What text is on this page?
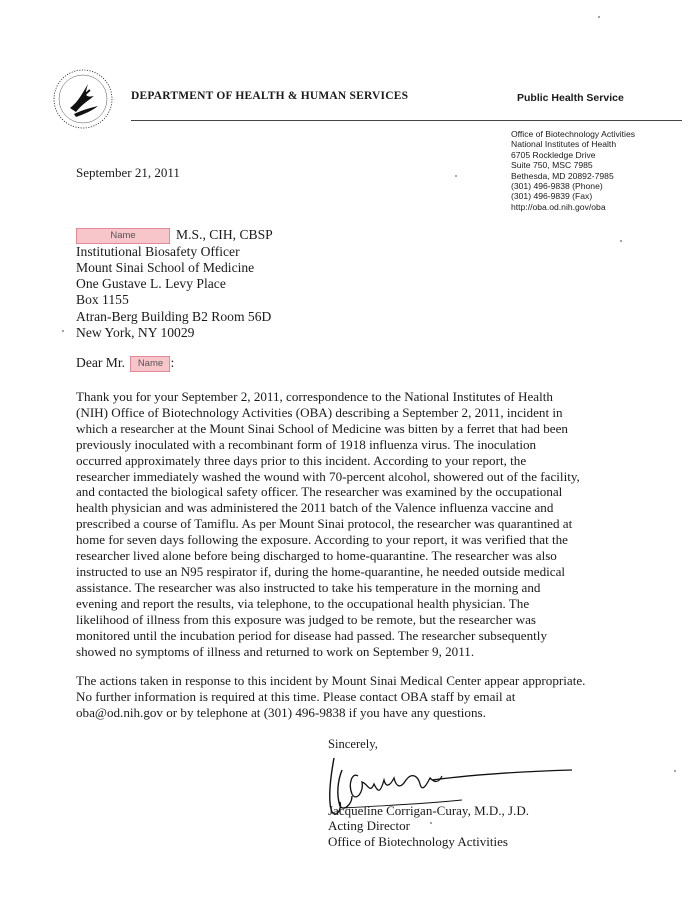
DEPARTMENT OF HEALTH & HUMAN SERVICES	Public Health Service
Office of Biotechnology Activities
National Institutes of Health
6705 Rockledge Drive
Suite 750, MSC 7985
Bethesda, MD 20892-7985
(301) 496-9838 (Phone)
(301) 496-9839 (Fax)
http://oba.od.nih.gov/oba
September 21, 2011
Name	M.S., CIH, CBSP
Institutional Biosafety Officer
Mount Sinai School of Medicine
One Gustave L. Levy Place
Box 1155
Atran-Berg Building B2 Room 56D
New York, NY 10029
Dear Mr. Name :
Thank you for your September 2, 2011, correspondence to the National Institutes of Health
(NIH) Office of Biotechnology Activities (OBA) describing a September 2, 2011, incident in
which a researcher at the Mount Sinai School of Medicine was bitten by a ferret that had been
previously inoculated with a recombinant form of 1918 influenza virus. The inoculation
occurred approximately three days prior to this incident. According to your report, the
researcher immediately washed the wound with 70-percent alcohol, showered out of the facility,
and contacted the biological safety officer. The researcher was examined by the occupational
health physician and was administered the 2011 batch of the Valence influenza vaccine and
prescribed a course of Tamiflu. As per Mount Sinai protocol, the researcher was quarantined at
home for seven days following the exposure. According to your report, it was verified that the
researcher lived alone before being discharged to home-quarantine. The researcher was also
instructed to use an N95 respirator if, during the home-quarantine, he needed outside medical
assistance. The researcher was also instructed to take his temperature in the morning and
evening and report the results, via telephone, to the occupational health physician. The
likelihood of illness from this exposure was judged to be remote, but the researcher was
monitored until the incubation period for disease had passed. The researcher subsequently
showed no symptoms of illness and returned to work on September 9, 2011.
The actions taken in response to this incident by Mount Sinai Medical Center appear appropriate.
No further information is required at this time. Please contact OBA staff by email at
oba@od.nih.gov or by telephone at (301) 496-9838 if you have any questions.
Sincerely,
Jacqueline Corrigan-Curay, M.D., J.D.
Acting Director
Office of Biotechnology Activities
